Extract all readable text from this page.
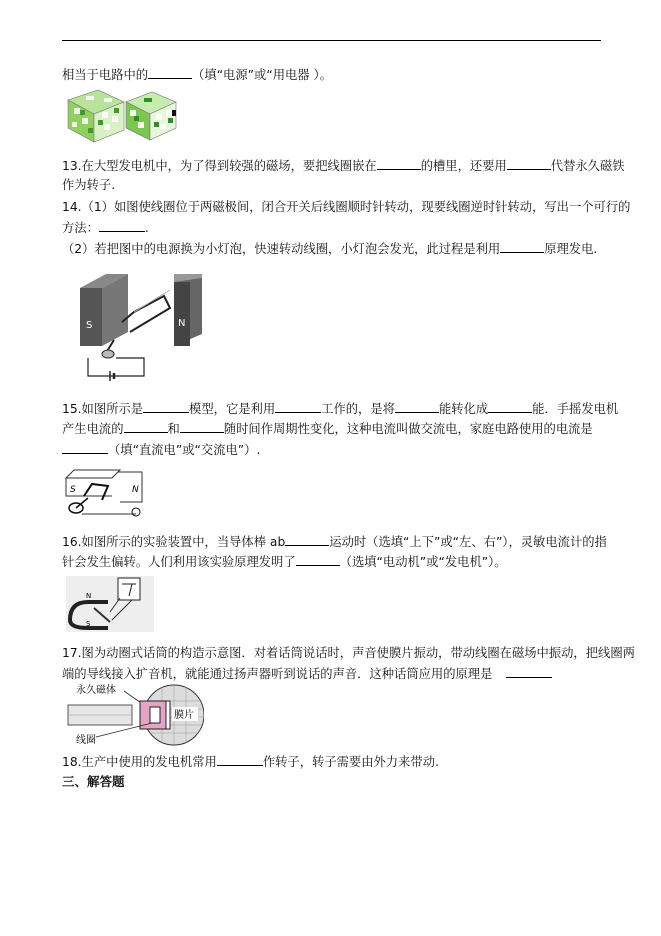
相当于电路中的	（填“电源”或“用电器 ）。
13.在大型发电机中，为了得到较强的磁场，要把线圈嵌在	的槽里，还要用	代替永久磁铁
作为转子.
14.（1）如图使线圈位于两磁极间，闭合开关后线圈顺时针转动，现要线圈逆时针转动，写出一个可行的
方法：	.
（2）若把图中的电源换为小灯泡，快速转动线圈，小灯泡会发光，此过程是利用	原理发电.
S	N
15.如图所示是	模型，它是利用	工作的，是将	能转化成	能．手摇发电机
产生电流的	和	随时间作周期性变化，这种电流叫做交流电，家庭电路使用的电流是
（填“直流电”或“交流电”）.
S	N
16.如图所示的实验装置中，当导体棒 ab	运动时（选填“上下”或“左、右”），灵敏电流计的指
针会发生偏转。人们利用该实验原理发明了	（选填“电动机”或“发电机”）。
N
S
17.图为动圈式话筒的构造示意图．对着话筒说话时，声音使膜片振动，带动线圈在磁场中振动，把线圈两
端的导线接入扩音机，就能通过扬声器听到说话的声音．这种话筒应用的原理是
永久磁体
膜片
线圈
18.生产中使用的发电机常用	作转子，转子需要由外力来带动.
三、解答题
